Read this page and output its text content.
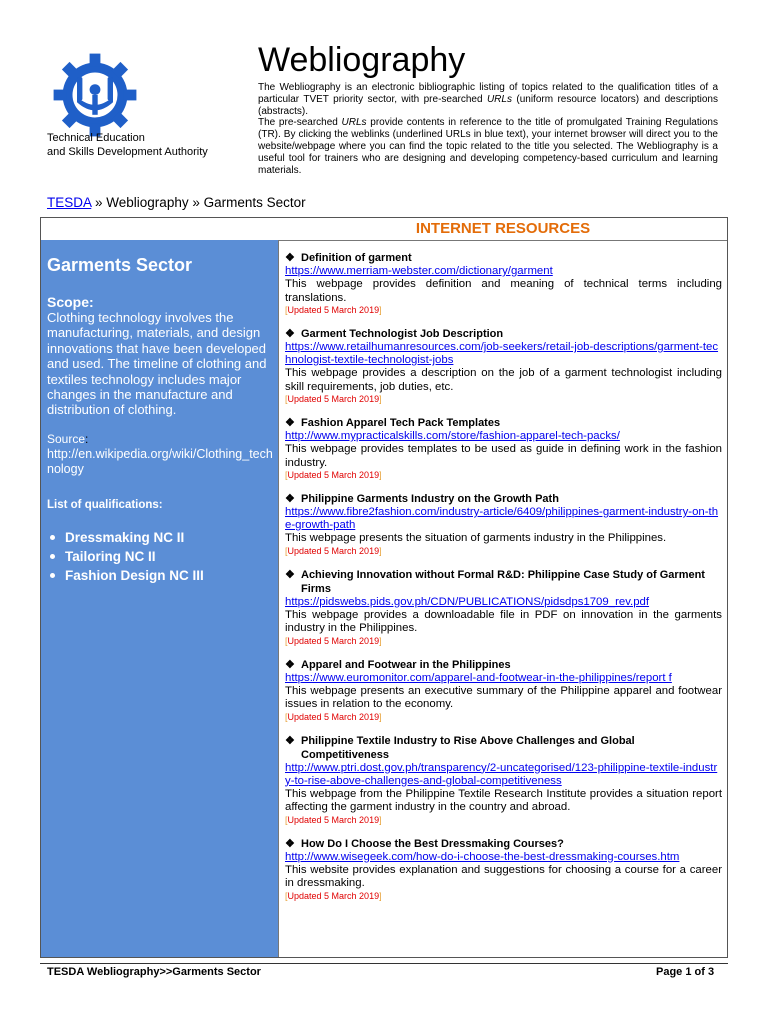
Technical Education
and Skills Development Authority
Webliography

The Webliography is an electronic bibliographic listing of topics related to the qualification titles of a particular TVET priority sector, with pre-searched URLs (uniform resource locators) and descriptions (abstracts).

The pre-searched URLs provide contents in reference to the title of promulgated Training Regulations (TR). By clicking the weblinks (underlined URLs in blue text), your internet browser will direct you to the website/webpage where you can find the topic related to the title you selected. The Webliography is a useful tool for trainers who are designing and developing competency-based curriculum and learning materials.

TESDA » Webliography » Garments Sector
INTERNET RESOURCES
Garments Sector
Scope:
Clothing technology involves the manufacturing, materials, and design innovations that have been developed and used. The timeline of clothing and textiles technology includes major changes in the manufacture and distribution of clothing.
Source:
http://en.wikipedia.org/wiki/Clothing_technology
List of qualifications:
Dressmaking NC II
Tailoring NC II
Fashion Design NC III
❖ Definition of garment
https://www.merriam-webster.com/dictionary/garment
This webpage provides definition and meaning of technical terms including translations.
[Updated 5 March 2019]
❖ Garment Technologist Job Description
https://www.retailhumanresources.com/job-seekers/retail-job-descriptions/garment-technologist-textile-technologist-jobs
This webpage provides a description on the job of a garment technologist including skill requirements, job duties, etc.
[Updated 5 March 2019]
❖ Fashion Apparel Tech Pack Templates
http://www.mypracticalskills.com/store/fashion-apparel-tech-packs/
This webpage provides templates to be used as guide in defining work in the fashion industry.
[Updated 5 March 2019]
❖ Philippine Garments Industry on the Growth Path
https://www.fibre2fashion.com/industry-article/6409/philippines-garment-industry-on-the-growth-path
This webpage presents the situation of garments industry in the Philippines.
[Updated 5 March 2019]
❖ Achieving Innovation without Formal R&D: Philippine Case Study of Garment Firms
https://pidswebs.pids.gov.ph/CDN/PUBLICATIONS/pidsdps1709_rev.pdf
This webpage provides a downloadable file in PDF on innovation in the garments industry in the Philippines.
[Updated 5 March 2019]
❖ Apparel and Footwear in the Philippines
https://www.euromonitor.com/apparel-and-footwear-in-the-philippines/report f
This webpage presents an executive summary of the Philippine apparel and footwear issues in relation to the economy.
[Updated 5 March 2019]
❖ Philippine Textile Industry to Rise Above Challenges and Global Competitiveness
http://www.ptri.dost.gov.ph/transparency/2-uncategorised/123-philippine-textile-industry-to-rise-above-challenges-and-global-competitiveness
This webpage from the Philippine Textile Research Institute provides a situation report affecting the garment industry in the country and abroad.
[Updated 5 March 2019]
❖ How Do I Choose the Best Dressmaking Courses?
http://www.wisegeek.com/how-do-i-choose-the-best-dressmaking-courses.htm
This website provides explanation and suggestions for choosing a course for a career in dressmaking.
[Updated 5 March 2019]
TESDA Webliography>>Garments Sector	Page 1 of 3
